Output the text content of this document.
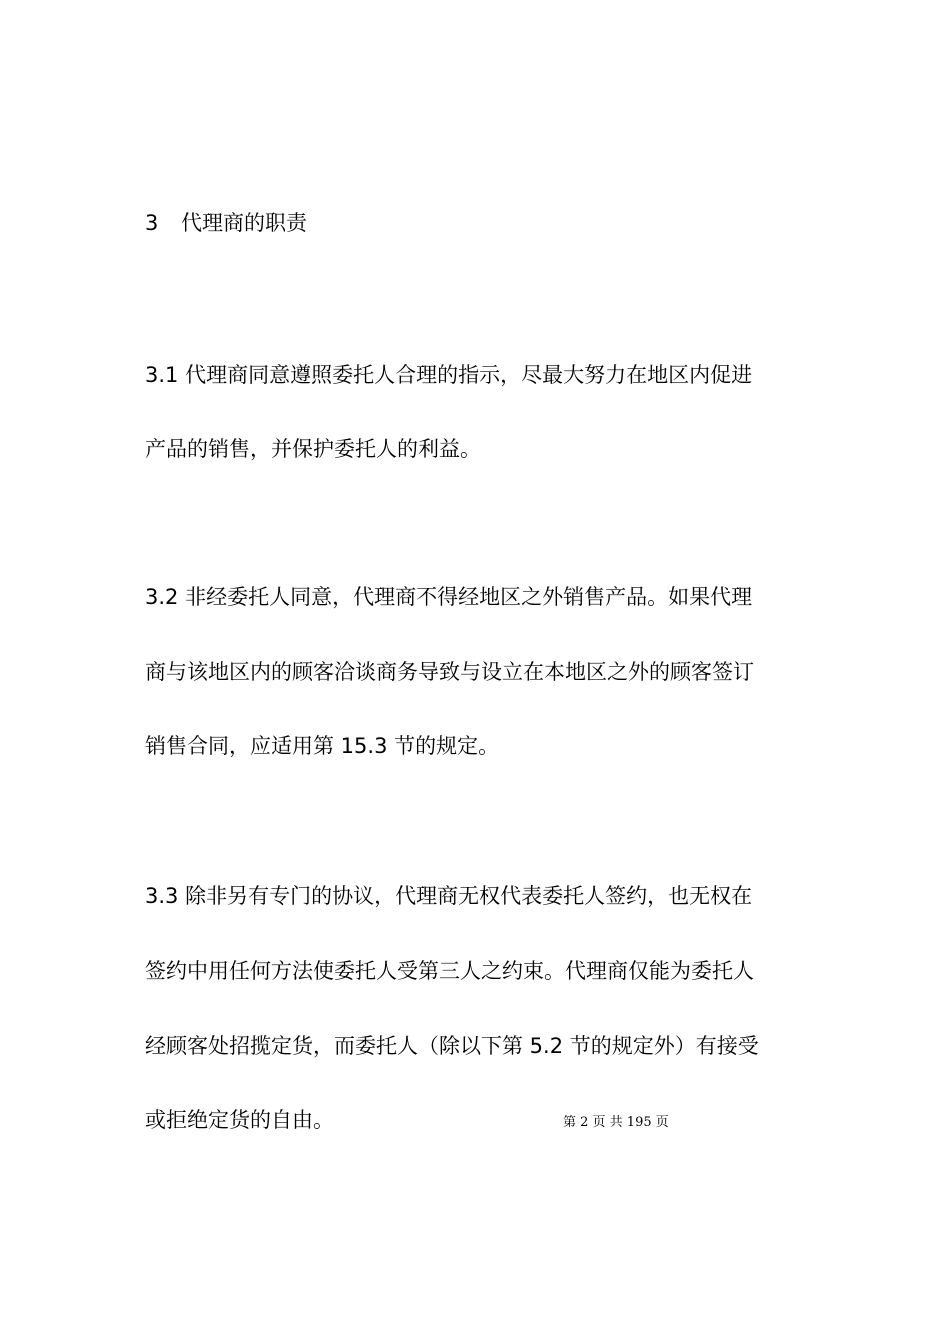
3 代理商的职责

3.1 代理商同意遵照委托人合理的指示，尽最大努力在地区内促进

产品的销售，并保护委托人的利益。

3.2 非经委托人同意，代理商不得经地区之外销售产品。如果代理

商与该地区内的顾客洽谈商务导致与设立在本地区之外的顾客签订

销售合同，应适用第 15.3 节的规定。

3.3 除非另有专门的协议，代理商无权代表委托人签约，也无权在

签约中用任何方法使委托人受第三人之约束。代理商仅能为委托人

经顾客处招揽定货，而委托人（除以下第 5.2 节的规定外）有接受

或拒绝定货的自由。	第 2 页 共 195 页
